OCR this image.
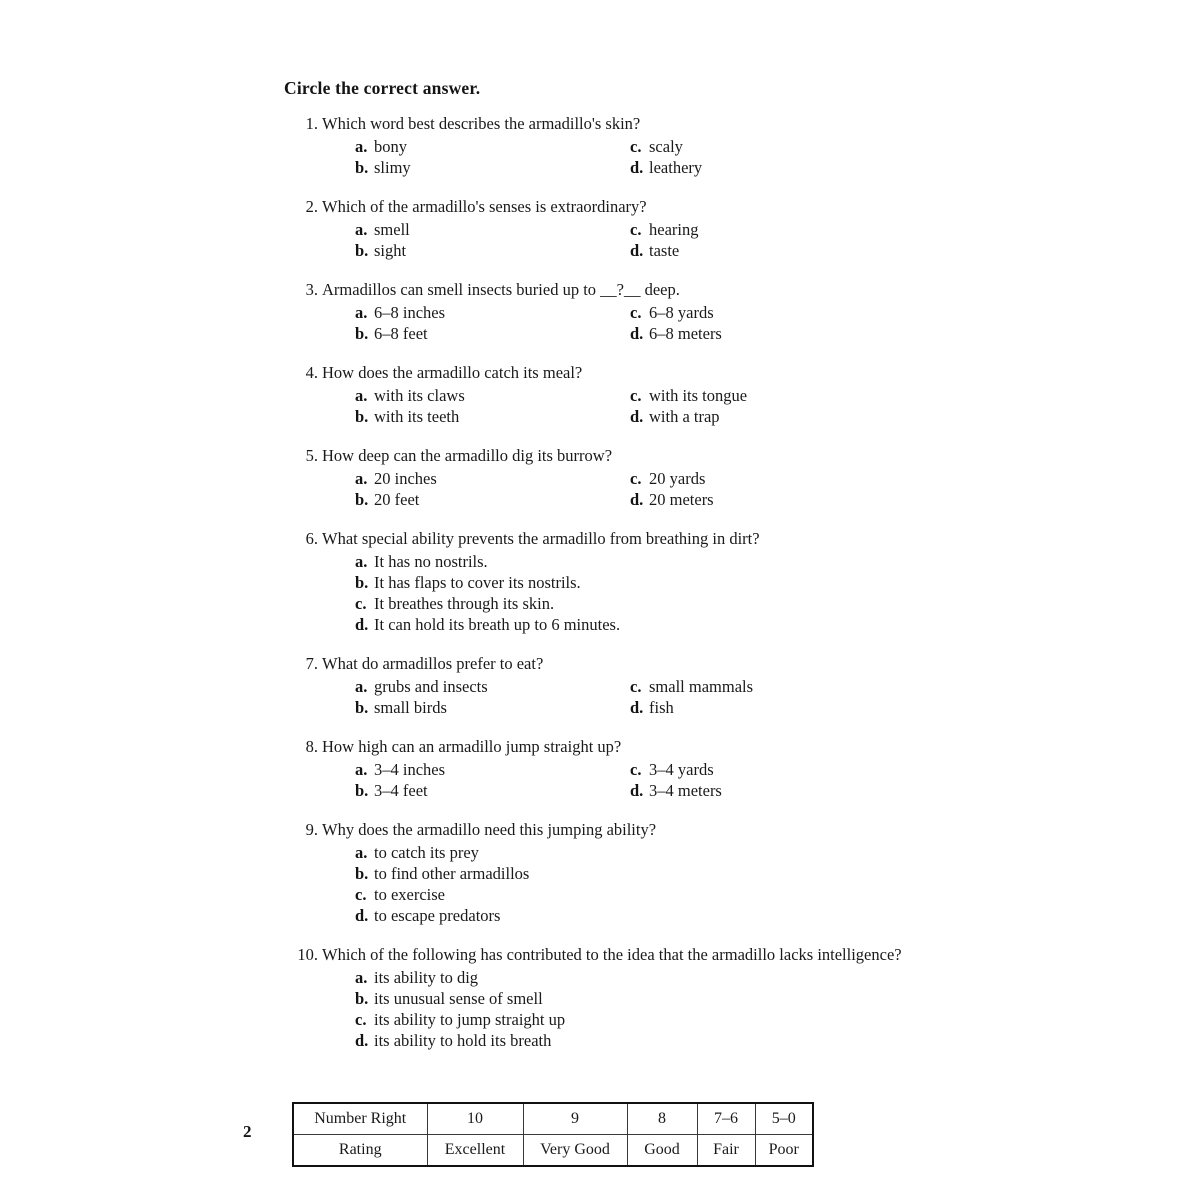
Circle the correct answer.
1. Which word best describes the armadillo's skin?
a. bony	c. scaly
b. slimy	d. leathery
2. Which of the armadillo's senses is extraordinary?
a. smell	c. hearing
b. sight	d. taste
3. Armadillos can smell insects buried up to __?__ deep.
a. 6–8 inches	c. 6–8 yards
b. 6–8 feet	d. 6–8 meters
4. How does the armadillo catch its meal?
a. with its claws	c. with its tongue
b. with its teeth	d. with a trap
5. How deep can the armadillo dig its burrow?
a. 20 inches	c. 20 yards
b. 20 feet	d. 20 meters
6. What special ability prevents the armadillo from breathing in dirt?
a. It has no nostrils.
b. It has flaps to cover its nostrils.
c. It breathes through its skin.
d. It can hold its breath up to 6 minutes.
7. What do armadillos prefer to eat?
a. grubs and insects	c. small mammals
b. small birds	d. fish
8. How high can an armadillo jump straight up?
a. 3–4 inches	c. 3–4 yards
b. 3–4 feet	d. 3–4 meters
9. Why does the armadillo need this jumping ability?
a. to catch its prey
b. to find other armadillos
c. to exercise
d. to escape predators
10. Which of the following has contributed to the idea that the armadillo lacks intelligence?
a. its ability to dig
b. its unusual sense of smell
c. its ability to jump straight up
d. its ability to hold its breath
Number Right	10	9	8	7–6	5–0
Rating	Excellent	Very Good	Good	Fair	Poor
2
